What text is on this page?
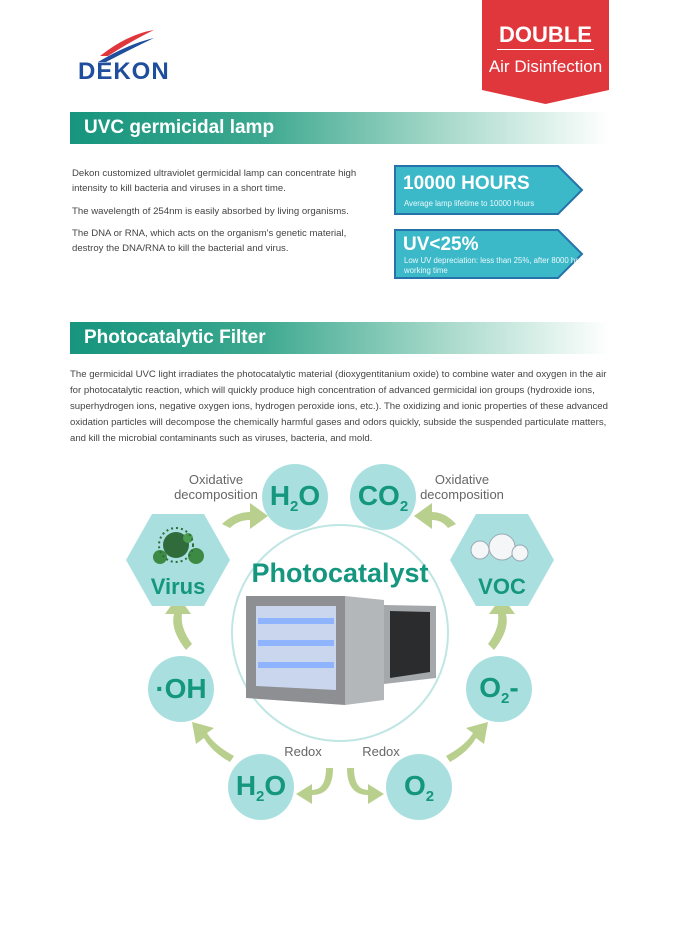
DEKON
DOUBLE
Air Disinfection
UVC germicidal lamp
Dekon customized ultraviolet germicidal lamp can concentrate high intensity to kill bacteria and viruses in a short time.
The wavelength of 254nm is easily absorbed by living organisms.
The DNA or RNA, which acts on the organism's genetic material, destroy the DNA/RNA to kill the bacterial and virus.
10000 HOURS
Average lamp lifetime to 10000 Hours
UV<25%
Low UV depreciation: less than 25%, after 8000 hrs
working time
Photocatalytic Filter
The germicidal UVC light irradiates the photocatalytic material (dioxygentitanium oxide) to combine water and oxygen in the air for photocatalytic reaction, which will quickly produce high concentration of advanced germicidal ion groups (hydroxide ions, superhydrogen ions, negative oxygen ions, hydrogen peroxide ions, etc.). The oxidizing and ionic properties of these advanced oxidation particles will decompose the chemically harmful gases and odors quickly, subside the suspended particulate matters, and kill the microbial contaminants such as viruses, bacteria, and mold.
$H_2O$ $CO_2$
·OH	$O_2-$
$H_2O$	$O_2$
Virus	VOC
Photocatalyst
Oxidative
decomposition
Oxidative
decomposition
Redox	Redox
